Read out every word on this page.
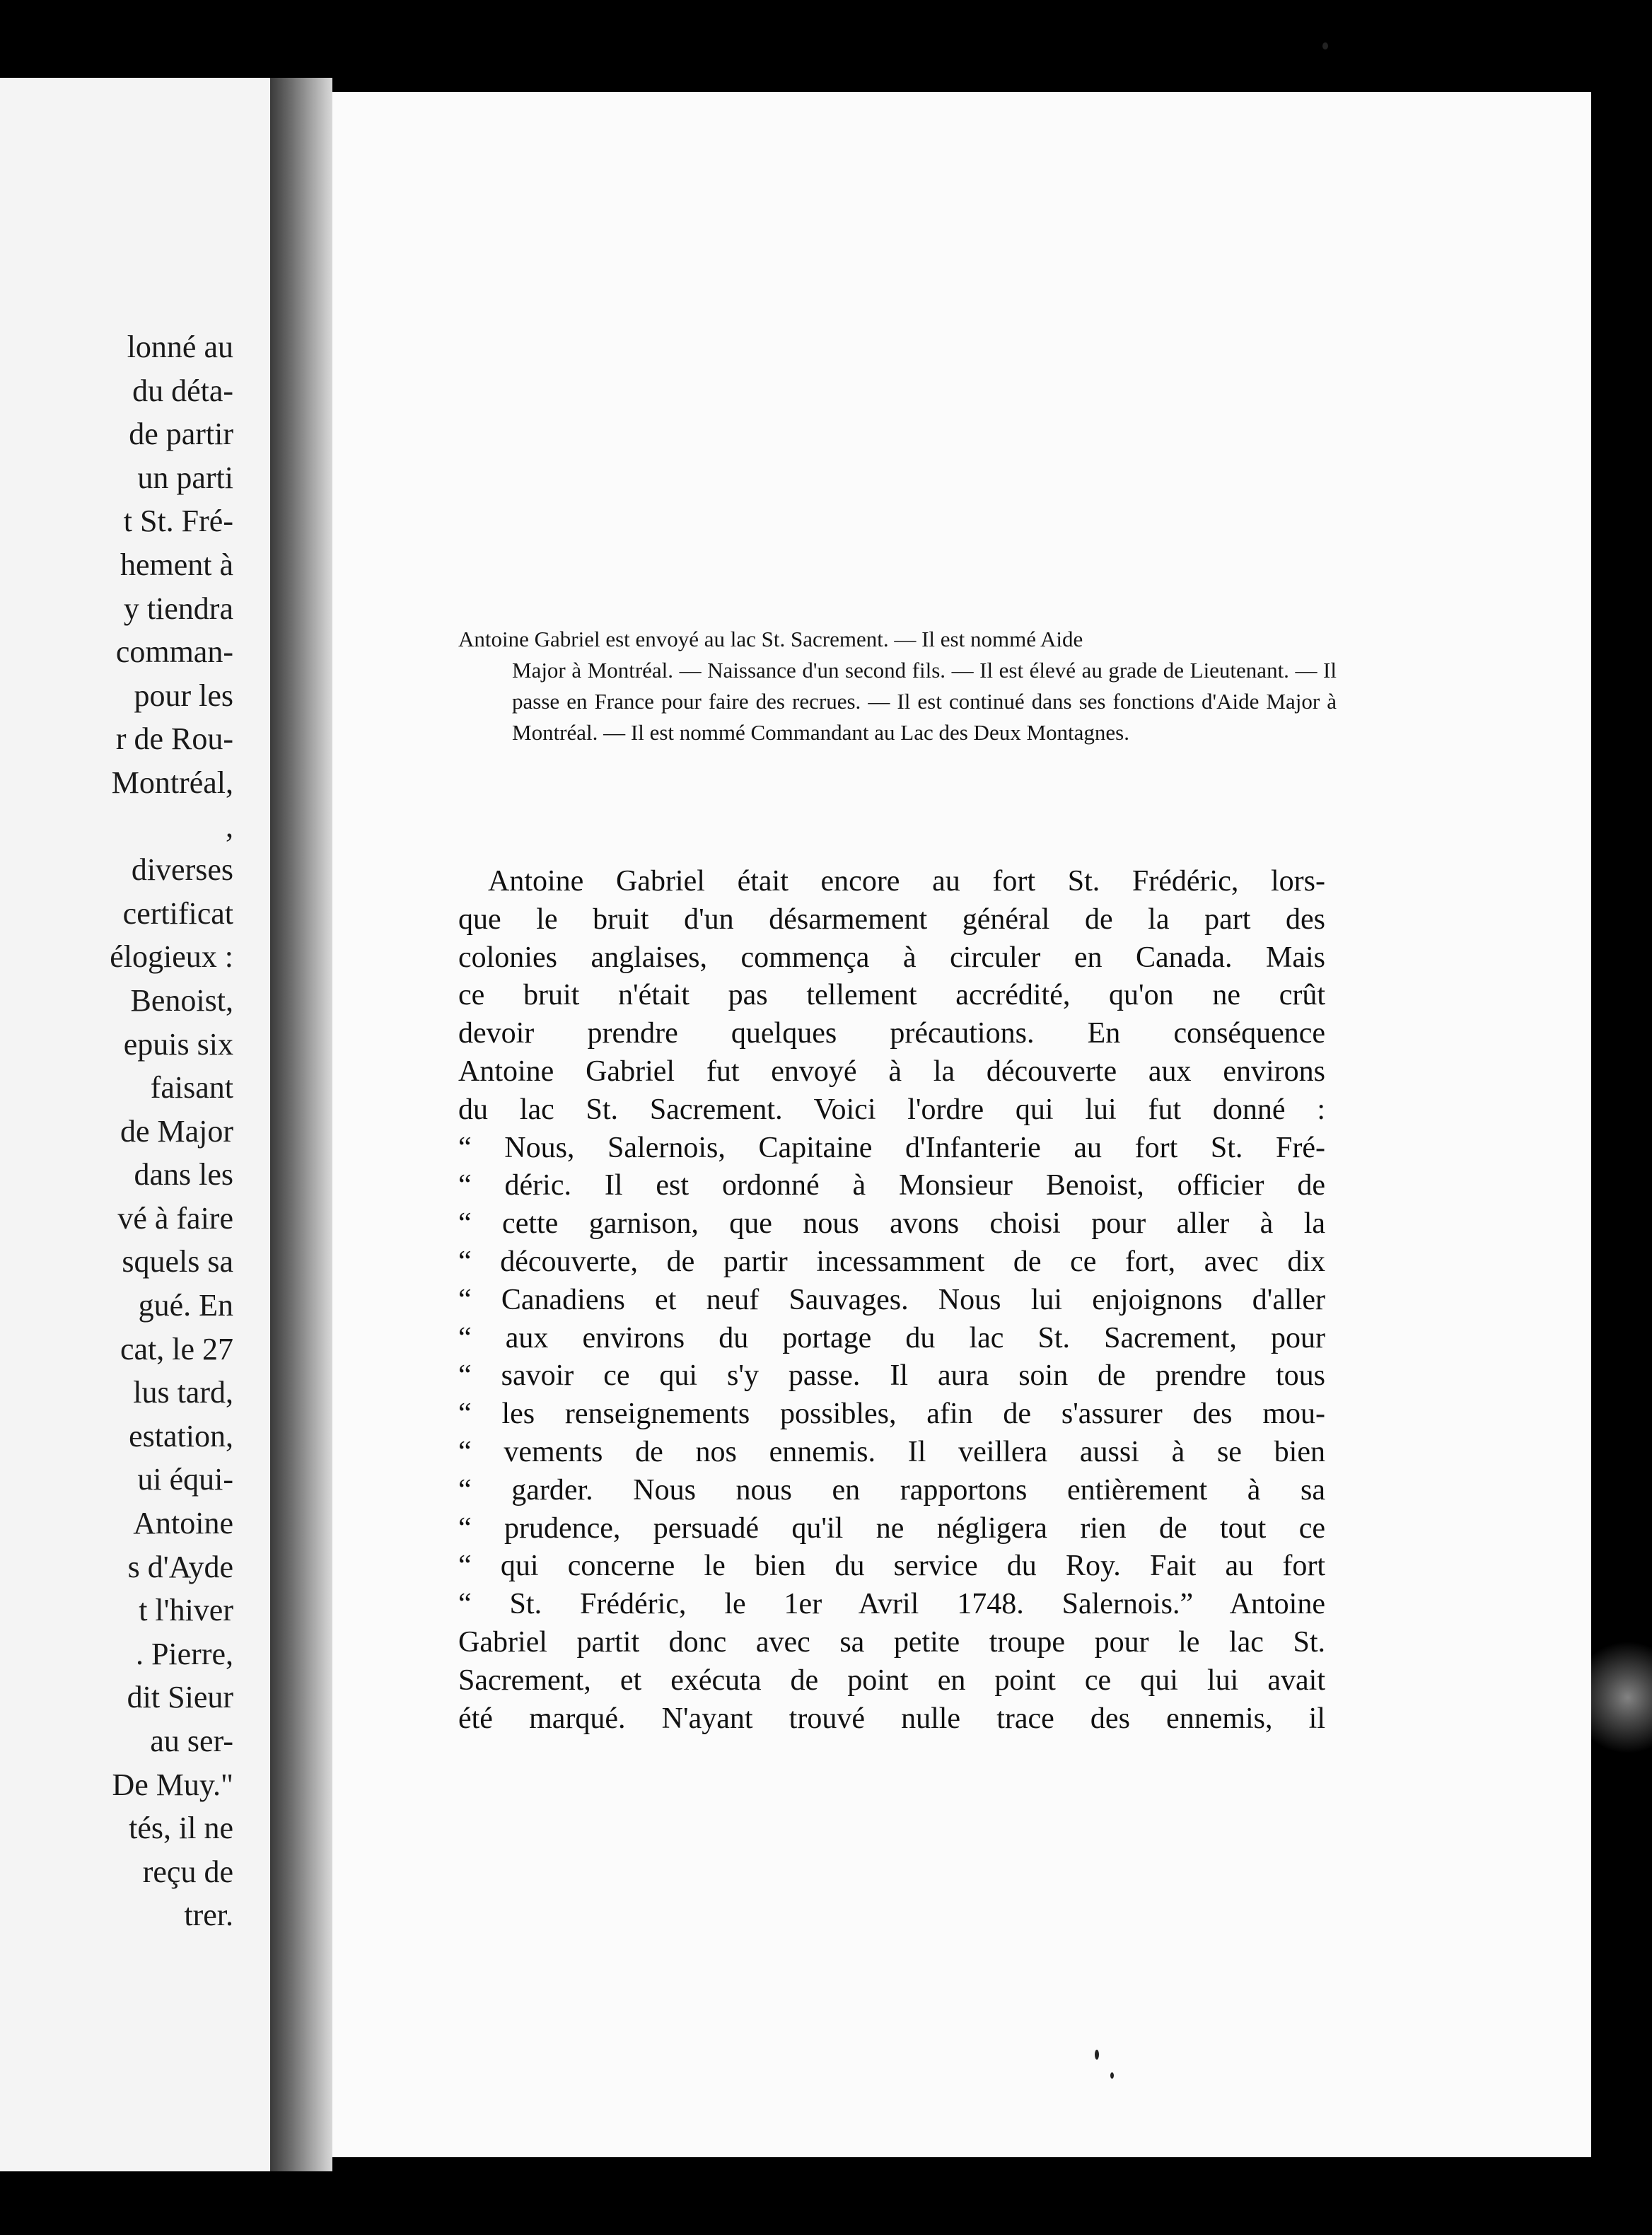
lonné au
du déta-
de partir
un parti
t St. Fré-
hement à
y tiendra
comman-
pour les
r de Rou-
Montréal,
,
diverses
certificat
élogieux :
Benoist,
epuis six
faisant
de Major
dans les
vé à faire
squels sa
gué. En
cat, le 27
lus tard,
estation,
ui équi-
Antoine
s d'Ayde
t l'hiver
. Pierre,
dit Sieur
au ser-
De Muy."
tés, il ne
reçu de
trer.

Antoine Gabriel est envoyé au lac St. Sacrement. — Il est nommé Aide
Major à Montréal. — Naissance d'un second fils. — Il est élevé au grade de Lieutenant. — Il passe en France pour faire des recrues. — Il est continué dans ses fonctions d'Aide Major à Montréal. — Il est nommé Commandant au Lac des Deux Montagnes.

Antoine Gabriel était encore au fort St. Frédéric, lors-
que le bruit d'un désarmement général de la part des
colonies anglaises, commença à circuler en Canada. Mais
ce bruit n'était pas tellement accrédité, qu'on ne crût
devoir prendre quelques précautions. En conséquence
Antoine Gabriel fut envoyé à la découverte aux environs
du lac St. Sacrement. Voici l'ordre qui lui fut donné :
“ Nous, Salernois, Capitaine d'Infanterie au fort St. Fré-
“ déric. Il est ordonné à Monsieur Benoist, officier de
“ cette garnison, que nous avons choisi pour aller à la
“ découverte, de partir incessamment de ce fort, avec dix
“ Canadiens et neuf Sauvages. Nous lui enjoignons d'aller
“ aux environs du portage du lac St. Sacrement, pour
“ savoir ce qui s'y passe. Il aura soin de prendre tous
“ les renseignements possibles, afin de s'assurer des mou-
“ vements de nos ennemis. Il veillera aussi à se bien
“ garder. Nous nous en rapportons entièrement à sa
“ prudence, persuadé qu'il ne négligera rien de tout ce
“ qui concerne le bien du service du Roy. Fait au fort
“ St. Frédéric, le 1er Avril 1748. Salernois.” Antoine
Gabriel partit donc avec sa petite troupe pour le lac St.
Sacrement, et exécuta de point en point ce qui lui avait
été marqué. N'ayant trouvé nulle trace des ennemis, il
